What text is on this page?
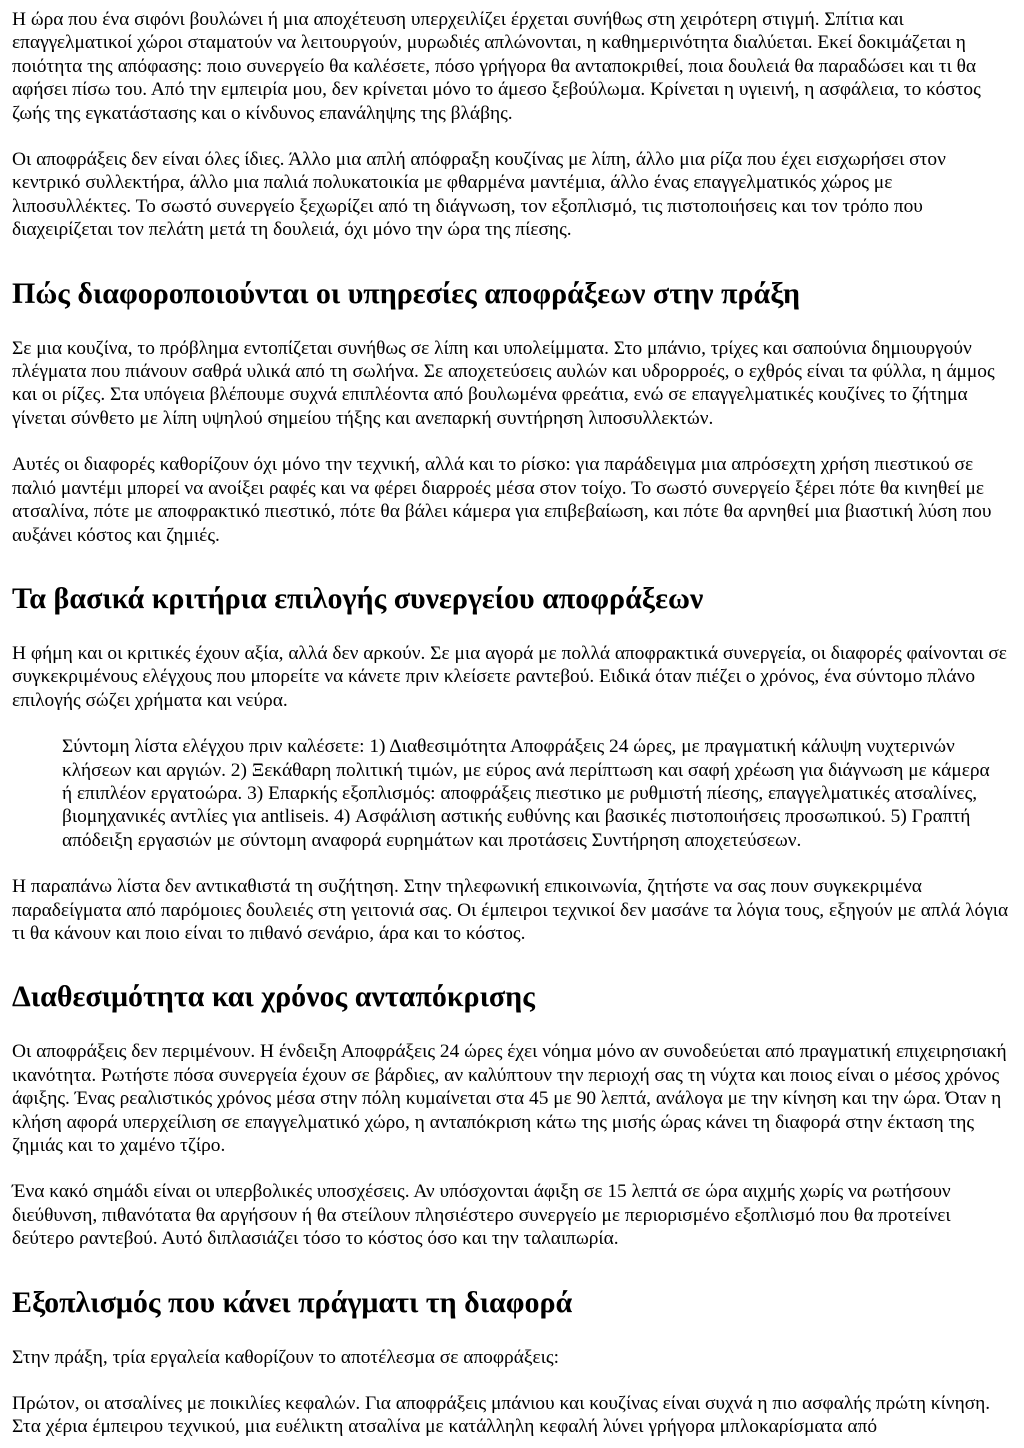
Η ώρα που ένα σιφόνι βουλώνει ή μια αποχέτευση υπερχειλίζει έρχεται συνήθως στη χειρότερη στιγμή. Σπίτια και επαγγελματικοί χώροι σταματούν να λειτουργούν, μυρωδιές απλώνονται, η καθημερινότητα διαλύεται. Εκεί δοκιμάζεται η ποιότητα της απόφασης: ποιο συνεργείο θα καλέσετε, πόσο γρήγορα θα ανταποκριθεί, ποια δουλειά θα παραδώσει και τι θα αφήσει πίσω του. Από την εμπειρία μου, δεν κρίνεται μόνο το άμεσο ξεβούλωμα. Κρίνεται η υγιεινή, η ασφάλεια, το κόστος ζωής της εγκατάστασης και ο κίνδυνος επανάληψης της βλάβης.

Οι αποφράξεις δεν είναι όλες ίδιες. Άλλο μια απλή απόφραξη κουζίνας με λίπη, άλλο μια ρίζα που έχει εισχωρήσει στον κεντρικό συλλεκτήρα, άλλο μια παλιά πολυκατοικία με φθαρμένα μαντέμια, άλλο ένας επαγγελματικός χώρος με λιποσυλλέκτες. Το σωστό συνεργείο ξεχωρίζει από τη διάγνωση, τον εξοπλισμό, τις πιστοποιήσεις και τον τρόπο που διαχειρίζεται τον πελάτη μετά τη δουλειά, όχι μόνο την ώρα της πίεσης.

Πώς διαφοροποιούνται οι υπηρεσίες αποφράξεων στην πράξη

Σε μια κουζίνα, το πρόβλημα εντοπίζεται συνήθως σε λίπη και υπολείμματα. Στο μπάνιο, τρίχες και σαπούνια δημιουργούν πλέγματα που πιάνουν σαθρά υλικά από τη σωλήνα. Σε αποχετεύσεις αυλών και υδρορροές, ο εχθρός είναι τα φύλλα, η άμμος και οι ρίζες. Στα υπόγεια βλέπουμε συχνά επιπλέοντα από βουλωμένα φρεάτια, ενώ σε επαγγελματικές κουζίνες το ζήτημα γίνεται σύνθετο με λίπη υψηλού σημείου τήξης και ανεπαρκή συντήρηση λιποσυλλεκτών.

Αυτές οι διαφορές καθορίζουν όχι μόνο την τεχνική, αλλά και το ρίσκο: για παράδειγμα μια απρόσεχτη χρήση πιεστικού σε παλιό μαντέμι μπορεί να ανοίξει ραφές και να φέρει διαρροές μέσα στον τοίχο. Το σωστό συνεργείο ξέρει πότε θα κινηθεί με ατσαλίνα, πότε με αποφρακτικό πιεστικό, πότε θα βάλει κάμερα για επιβεβαίωση, και πότε θα αρνηθεί μια βιαστική λύση που αυξάνει κόστος και ζημιές.

Τα βασικά κριτήρια επιλογής συνεργείου αποφράξεων

Η φήμη και οι κριτικές έχουν αξία, αλλά δεν αρκούν. Σε μια αγορά με πολλά αποφρακτικά συνεργεία, οι διαφορές φαίνονται σε συγκεκριμένους ελέγχους που μπορείτε να κάνετε πριν κλείσετε ραντεβού. Ειδικά όταν πιέζει ο χρόνος, ένα σύντομο πλάνο επιλογής σώζει χρήματα και νεύρα.

Σύντομη λίστα ελέγχου πριν καλέσετε: 1) Διαθεσιμότητα Αποφράξεις 24 ώρες, με πραγματική κάλυψη νυχτερινών κλήσεων και αργιών. 2) Ξεκάθαρη πολιτική τιμών, με εύρος ανά περίπτωση και σαφή χρέωση για διάγνωση με κάμερα ή επιπλέον εργατοώρα. 3) Επαρκής εξοπλισμός: αποφράξεις πιεστικο με ρυθμιστή πίεσης, επαγγελματικές ατσαλίνες, βιομηχανικές αντλίες για antliseis. 4) Ασφάλιση αστικής ευθύνης και βασικές πιστοποιήσεις προσωπικού. 5) Γραπτή απόδειξη εργασιών με σύντομη αναφορά ευρημάτων και προτάσεις Συντήρηση αποχετεύσεων.

Η παραπάνω λίστα δεν αντικαθιστά τη συζήτηση. Στην τηλεφωνική επικοινωνία, ζητήστε να σας πουν συγκεκριμένα παραδείγματα από παρόμοιες δουλειές στη γειτονιά σας. Οι έμπειροι τεχνικοί δεν μασάνε τα λόγια τους, εξηγούν με απλά λόγια τι θα κάνουν και ποιο είναι το πιθανό σενάριο, άρα και το κόστος.

Διαθεσιμότητα και χρόνος ανταπόκρισης

Οι αποφράξεις δεν περιμένουν. Η ένδειξη Αποφράξεις 24 ώρες έχει νόημα μόνο αν συνοδεύεται από πραγματική επιχειρησιακή ικανότητα. Ρωτήστε πόσα συνεργεία έχουν σε βάρδιες, αν καλύπτουν την περιοχή σας τη νύχτα και ποιος είναι ο μέσος χρόνος άφιξης. Ένας ρεαλιστικός χρόνος μέσα στην πόλη κυμαίνεται στα 45 με 90 λεπτά, ανάλογα με την κίνηση και την ώρα. Όταν η κλήση αφορά υπερχείλιση σε επαγγελματικό χώρο, η ανταπόκριση κάτω της μισής ώρας κάνει τη διαφορά στην έκταση της ζημιάς και το χαμένο τζίρο.

Ένα κακό σημάδι είναι οι υπερβολικές υποσχέσεις. Αν υπόσχονται άφιξη σε 15 λεπτά σε ώρα αιχμής χωρίς να ρωτήσουν διεύθυνση, πιθανότατα θα αργήσουν ή θα στείλουν πλησιέστερο συνεργείο με περιορισμένο εξοπλισμό που θα προτείνει δεύτερο ραντεβού. Αυτό διπλασιάζει τόσο το κόστος όσο και την ταλαιπωρία.

Εξοπλισμός που κάνει πράγματι τη διαφορά

Στην πράξη, τρία εργαλεία καθορίζουν το αποτέλεσμα σε αποφράξεις:

Πρώτον, οι ατσαλίνες με ποικιλίες κεφαλών. Για αποφράξεις μπάνιου και κουζίνας είναι συχνά η πιο ασφαλής πρώτη κίνηση. Στα χέρια έμπειρου τεχνικού, μια ευέλικτη ατσαλίνα με κατάλληλη κεφαλή λύνει γρήγορα μπλοκαρίσματα από
